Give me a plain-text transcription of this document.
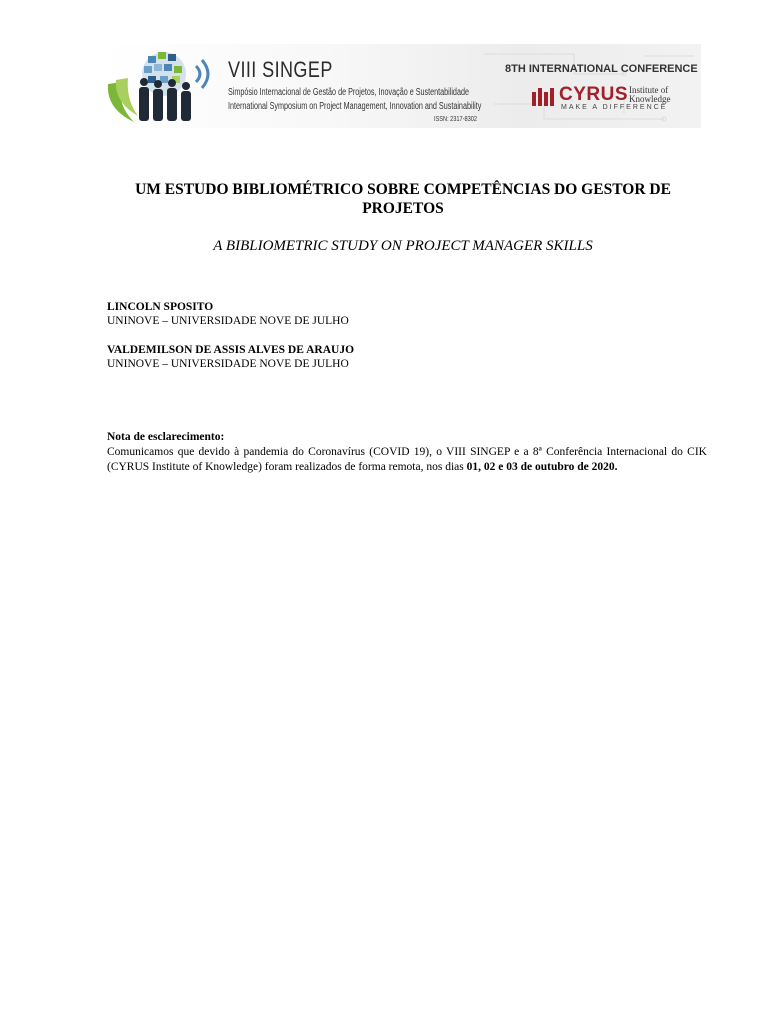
VIII SINGEP
Simpósio Internacional de Gestão de Projetos, Inovação e Sustentabilidade
International Symposium on Project Management, Innovation and Sustainability
ISSN: 2317-8302
8TH INTERNATIONAL CONFERENCE
CYRUS Institute of Knowledge
MAKE A DIFFERENCE
UM ESTUDO BIBLIOMÉTRICO SOBRE COMPETÊNCIAS DO GESTOR DE PROJETOS
A BIBLIOMETRIC STUDY ON PROJECT MANAGER SKILLS
LINCOLN SPOSITO
UNINOVE – UNIVERSIDADE NOVE DE JULHO
VALDEMILSON DE ASSIS ALVES DE ARAUJO
UNINOVE – UNIVERSIDADE NOVE DE JULHO
Nota de esclarecimento:
Comunicamos que devido à pandemia do Coronavírus (COVID 19), o VIII SINGEP e a 8ª Conferência Internacional do CIK (CYRUS Institute of Knowledge) foram realizados de forma remota, nos dias 01, 02 e 03 de outubro de 2020.
